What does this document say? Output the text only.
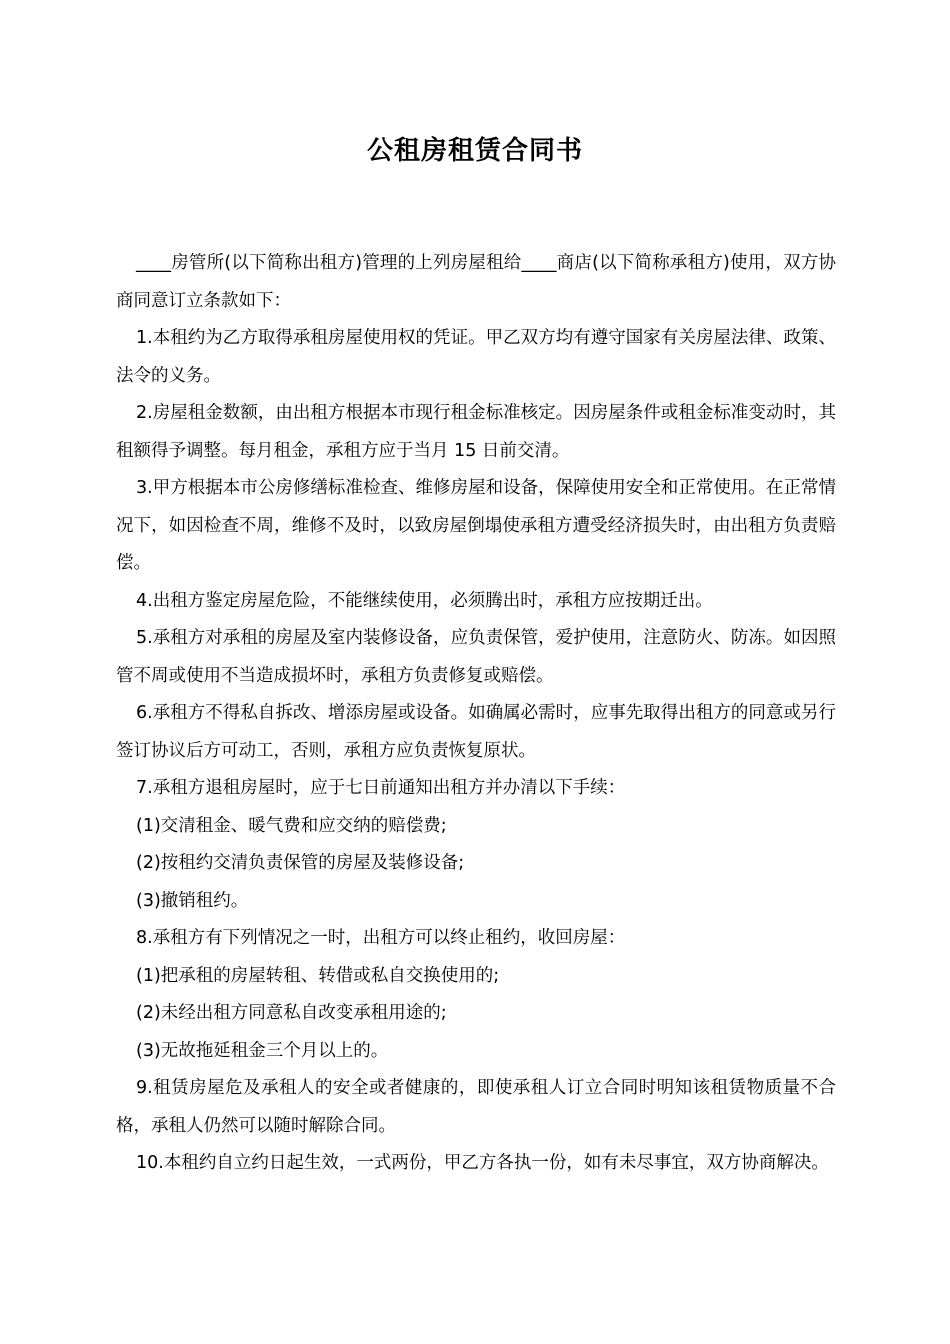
公租房租赁合同书

____房管所(以下简称出租方)管理的上列房屋租给____商店(以下简称承租方)使用，双方协商同意订立条款如下：

1.本租约为乙方取得承租房屋使用权的凭证。甲乙双方均有遵守国家有关房屋法律、政策、法令的义务。

2.房屋租金数额，由出租方根据本市现行租金标准核定。因房屋条件或租金标准变动时，其租额得予调整。每月租金，承租方应于当月 15 日前交清。

3.甲方根据本市公房修缮标准检查、维修房屋和设备，保障使用安全和正常使用。在正常情况下，如因检查不周，维修不及时，以致房屋倒塌使承租方遭受经济损失时，由出租方负责赔偿。

4.出租方鉴定房屋危险，不能继续使用，必须腾出时，承租方应按期迁出。

5.承租方对承租的房屋及室内装修设备，应负责保管，爱护使用，注意防火、防冻。如因照管不周或使用不当造成损坏时，承租方负责修复或赔偿。

6.承租方不得私自拆改、增添房屋或设备。如确属必需时，应事先取得出租方的同意或另行签订协议后方可动工，否则，承租方应负责恢复原状。

7.承租方退租房屋时，应于七日前通知出租方并办清以下手续：

(1)交清租金、暖气费和应交纳的赔偿费;

(2)按租约交清负责保管的房屋及装修设备;

(3)撤销租约。

8.承租方有下列情况之一时，出租方可以终止租约，收回房屋：

(1)把承租的房屋转租、转借或私自交换使用的;

(2)未经出租方同意私自改变承租用途的;

(3)无故拖延租金三个月以上的。

9.租赁房屋危及承租人的安全或者健康的，即使承租人订立合同时明知该租赁物质量不合格，承租人仍然可以随时解除合同。

10.本租约自立约日起生效，一式两份，甲乙方各执一份，如有未尽事宜，双方协商解决。
